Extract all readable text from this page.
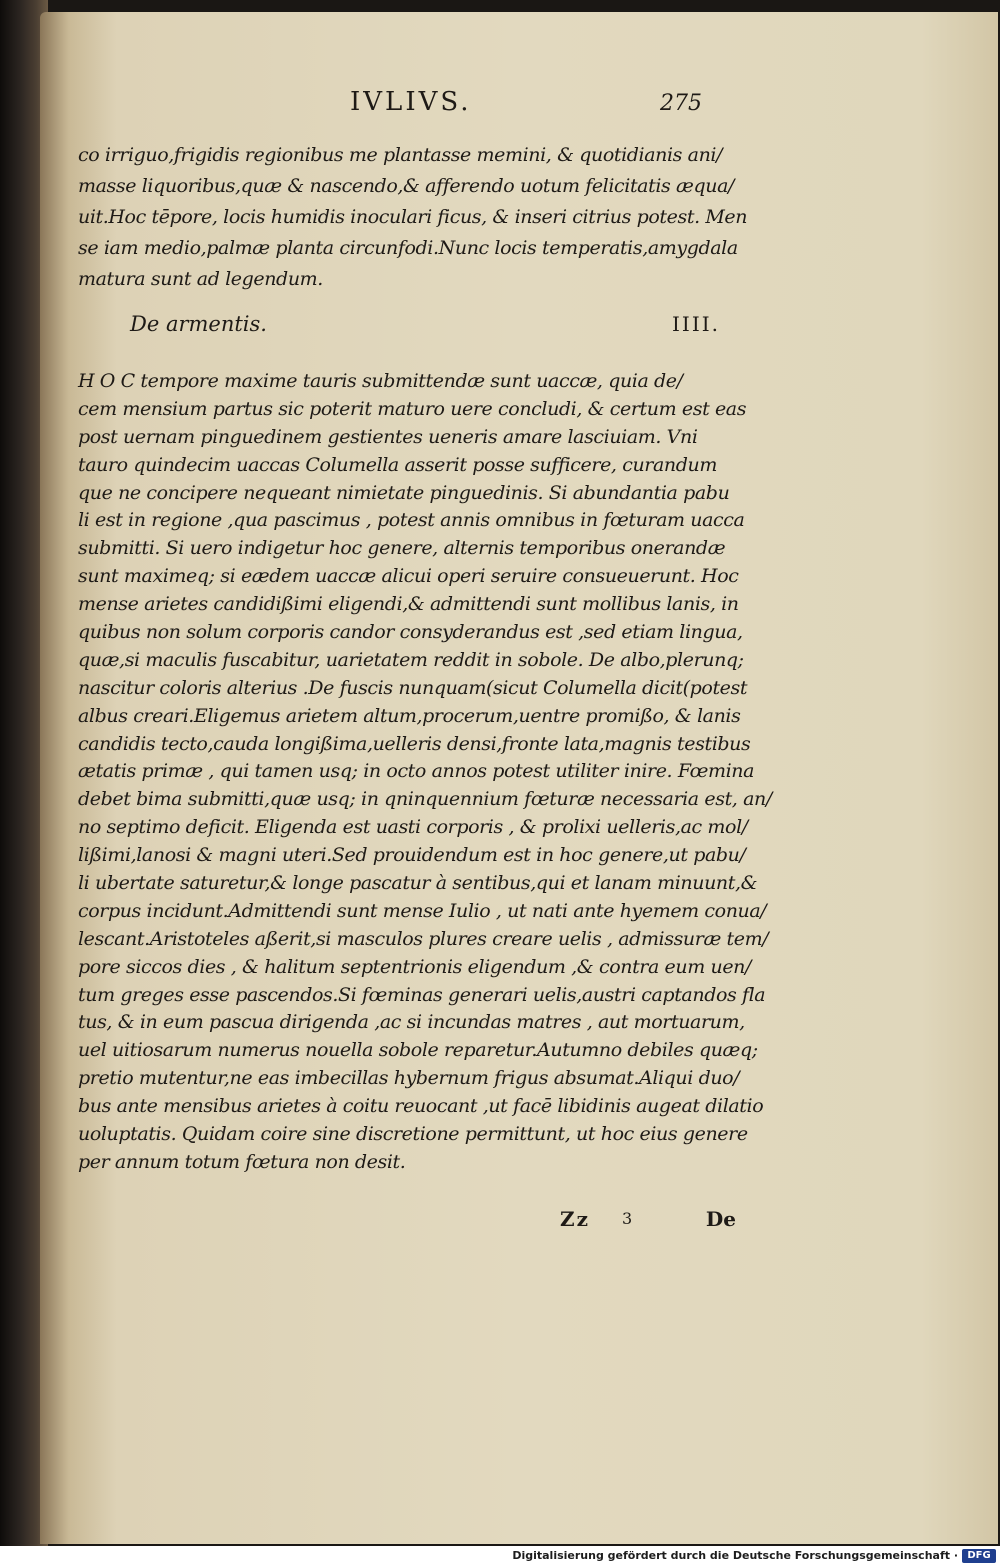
IVLIVS.	275
co irriguo,frigidis regionibus me plantasse memini, & quotidianis ani/
masse liquoribus,quæ & nascendo,& afferendo uotum felicitatis æqua/
uit.Hoc tēpore, locis humidis inoculari ficus, & inseri citrius potest. Men
se iam medio,palmæ planta circunfodi.Nunc locis temperatis,amygdala
matura sunt ad legendum.
De armentis.	IIII.
H O C tempore maxime tauris submittendæ sunt uaccæ, quia de/
cem mensium partus sic poterit maturo uere concludi, & certum est eas
post uernam pinguedinem gestientes ueneris amare lasciuiam. Vni
tauro quindecim uaccas Columella asserit posse sufficere, curandum
que ne concipere nequeant nimietate pinguedinis. Si abundantia pabu
li est in regione ,qua pascimus , potest annis omnibus in fœturam uacca
submitti. Si uero indigetur hoc genere, alternis temporibus onerandæ
sunt maximeq; si eædem uaccæ alicui operi seruire consueuerunt. Hoc
mense arietes candidißimi eligendi,& admittendi sunt mollibus lanis, in
quibus non solum corporis candor consyderandus est ,sed etiam lingua,
quæ,si maculis fuscabitur, uarietatem reddit in sobole. De albo,plerunq;
nascitur coloris alterius .De fuscis nunquam(sicut Columella dicit(potest
albus creari.Eligemus arietem altum,procerum,uentre promißo, & lanis
candidis tecto,cauda longißima,uelleris densi,fronte lata,magnis testibus
ætatis primæ , qui tamen usq; in octo annos potest utiliter inire. Fœmina
debet bima submitti,quæ usq; in qninquennium fœturæ necessaria est, an/
no septimo deficit. Eligenda est uasti corporis , & prolixi uelleris,ac mol/
lißimi,lanosi & magni uteri.Sed prouidendum est in hoc genere,ut pabu/
li ubertate saturetur,& longe pascatur à sentibus,qui et lanam minuunt,&
corpus incidunt.Admittendi sunt mense Iulio , ut nati ante hyemem conua/
lescant.Aristoteles aßerit,si masculos plures creare uelis , admissuræ tem/
pore siccos dies , & halitum septentrionis eligendum ,& contra eum uen/
tum greges esse pascendos.Si fœminas generari uelis,austri captandos fla
tus, & in eum pascua dirigenda ,ac si incundas matres , aut mortuarum,
uel uitiosarum numerus nouella sobole reparetur.Autumno debiles quæq;
pretio mutentur,ne eas imbecillas hybernum frigus absumat.Aliqui duo/
bus ante mensibus arietes à coitu reuocant ,ut facē libidinis augeat dilatio
uoluptatis. Quidam coire sine discretione permittunt, ut hoc eius genere
per annum totum fœtura non desit.
Zz 3	De
Digitalisierung gefördert durch die Deutsche Forschungsgemeinschaft · DFG
